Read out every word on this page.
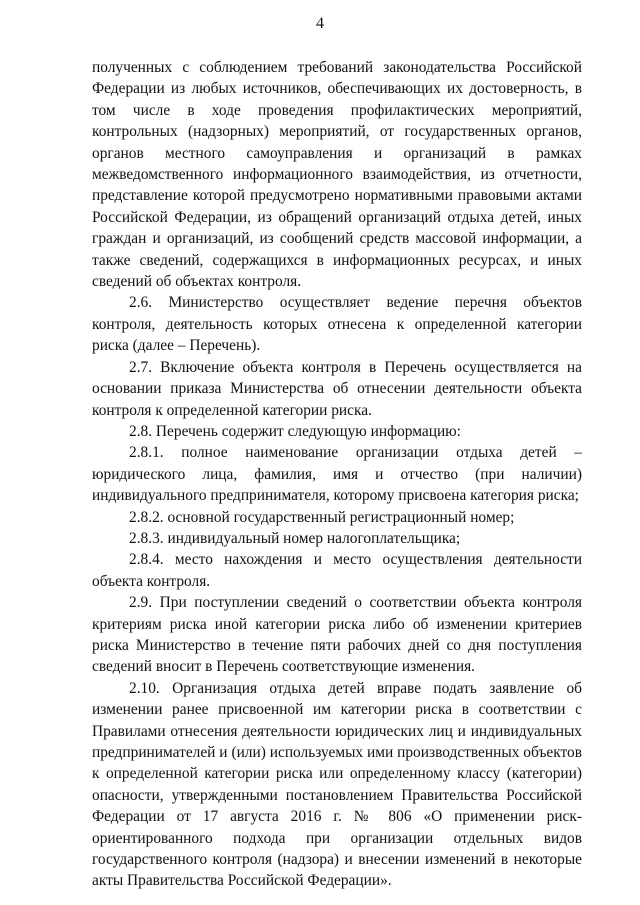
4

полученных с соблюдением требований законодательства Российской Федерации из любых источников, обеспечивающих их достоверность, в том числе в ходе проведения профилактических мероприятий, контрольных (надзорных) мероприятий, от государственных органов, органов местного самоуправления и организаций в рамках межведомственного информационного взаимодействия, из отчетности, представление которой предусмотрено нормативными правовыми актами Российской Федерации, из обращений организаций отдыха детей, иных граждан и организаций, из сообщений средств массовой информации, а также сведений, содержащихся в информационных ресурсах, и иных сведений об объектах контроля.

2.6. Министерство осуществляет ведение перечня объектов контроля, деятельность которых отнесена к определенной категории риска (далее – Перечень).

2.7. Включение объекта контроля в Перечень осуществляется на основании приказа Министерства об отнесении деятельности объекта контроля к определенной категории риска.

2.8. Перечень содержит следующую информацию:

2.8.1. полное наименование организации отдыха детей – юридического лица, фамилия, имя и отчество (при наличии) индивидуального предпринимателя, которому присвоена категория риска;

2.8.2. основной государственный регистрационный номер;

2.8.3. индивидуальный номер налогоплательщика;

2.8.4. место нахождения и место осуществления деятельности объекта контроля.

2.9. При поступлении сведений о соответствии объекта контроля критериям риска иной категории риска либо об изменении критериев риска Министерство в течение пяти рабочих дней со дня поступления сведений вносит в Перечень соответствующие изменения.

2.10. Организация отдыха детей вправе подать заявление об изменении ранее присвоенной им категории риска в соответствии с Правилами отнесения деятельности юридических лиц и индивидуальных предпринимателей и (или) используемых ими производственных объектов к определенной категории риска или определенному классу (категории) опасности, утвержденными постановлением Правительства Российской Федерации от 17 августа 2016 г. № 806 «О применении риск-ориентированного подхода при организации отдельных видов государственного контроля (надзора) и внесении изменений в некоторые акты Правительства Российской Федерации».
